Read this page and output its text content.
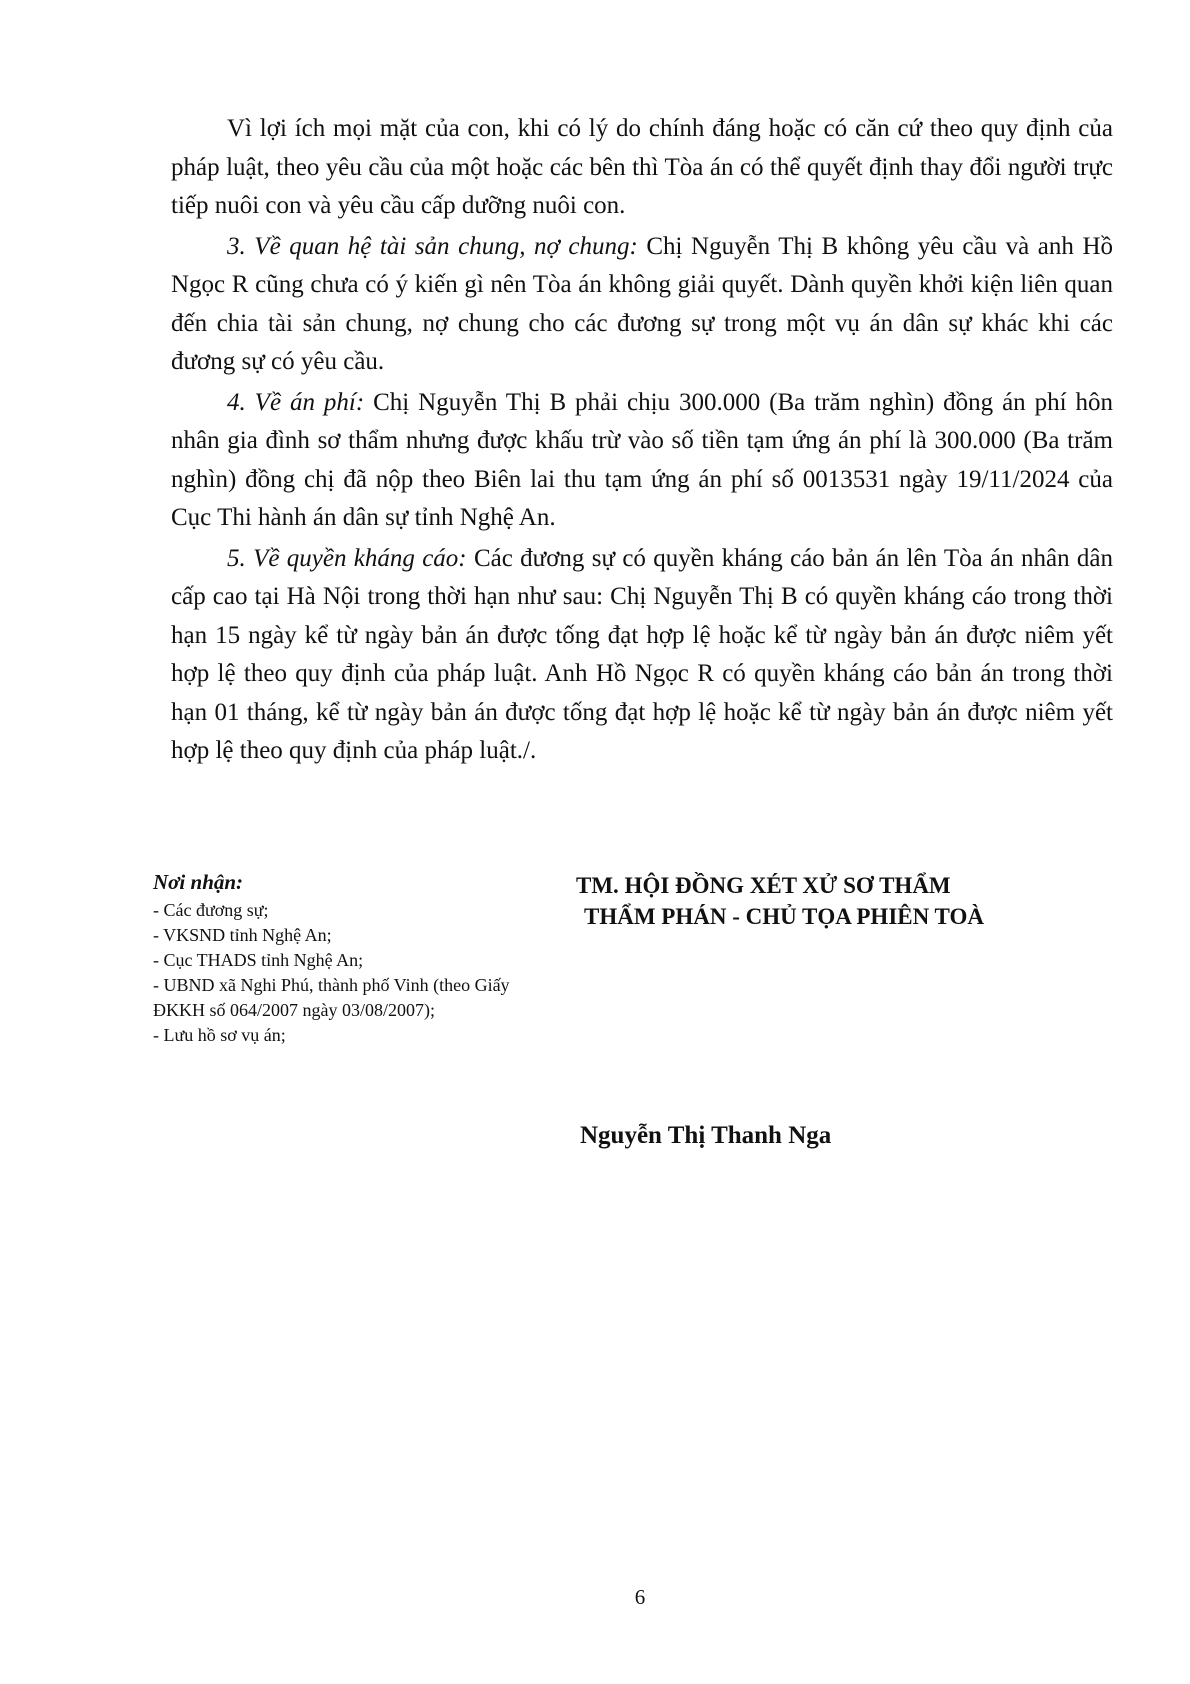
Vì lợi ích mọi mặt của con, khi có lý do chính đáng hoặc có căn cứ theo quy định của pháp luật, theo yêu cầu của một hoặc các bên thì Tòa án có thể quyết định thay đổi người trực tiếp nuôi con và yêu cầu cấp dưỡng nuôi con.

3. Về quan hệ tài sản chung, nợ chung: Chị Nguyễn Thị B không yêu cầu và anh Hồ Ngọc R cũng chưa có ý kiến gì nên Tòa án không giải quyết. Dành quyền khởi kiện liên quan đến chia tài sản chung, nợ chung cho các đương sự trong một vụ án dân sự khác khi các đương sự có yêu cầu.

4. Về án phí: Chị Nguyễn Thị B phải chịu 300.000 (Ba trăm nghìn) đồng án phí hôn nhân gia đình sơ thẩm nhưng được khấu trừ vào số tiền tạm ứng án phí là 300.000 (Ba trăm nghìn) đồng chị đã nộp theo Biên lai thu tạm ứng án phí số 0013531 ngày 19/11/2024 của Cục Thi hành án dân sự tỉnh Nghệ An.

5. Về quyền kháng cáo: Các đương sự có quyền kháng cáo bản án lên Tòa án nhân dân cấp cao tại Hà Nội trong thời hạn như sau: Chị Nguyễn Thị B có quyền kháng cáo trong thời hạn 15 ngày kể từ ngày bản án được tống đạt hợp lệ hoặc kể từ ngày bản án được niêm yết hợp lệ theo quy định của pháp luật. Anh Hồ Ngọc R có quyền kháng cáo bản án trong thời hạn 01 tháng, kể từ ngày bản án được tống đạt hợp lệ hoặc kể từ ngày bản án được niêm yết hợp lệ theo quy định của pháp luật./.

Nơi nhận:
- Các đương sự;
- VKSND tỉnh Nghệ An;
- Cục THADS tỉnh Nghệ An;
- UBND xã Nghi Phú, thành phố Vinh (theo Giấy ĐKKH số 064/2007 ngày 03/08/2007);
- Lưu hồ sơ vụ án;
TM. HỘI ĐỒNG XÉT XỬ SƠ THẨM
THẨM PHÁN - CHỦ TỌA PHIÊN TOÀ
Nguyễn Thị Thanh Nga
6
